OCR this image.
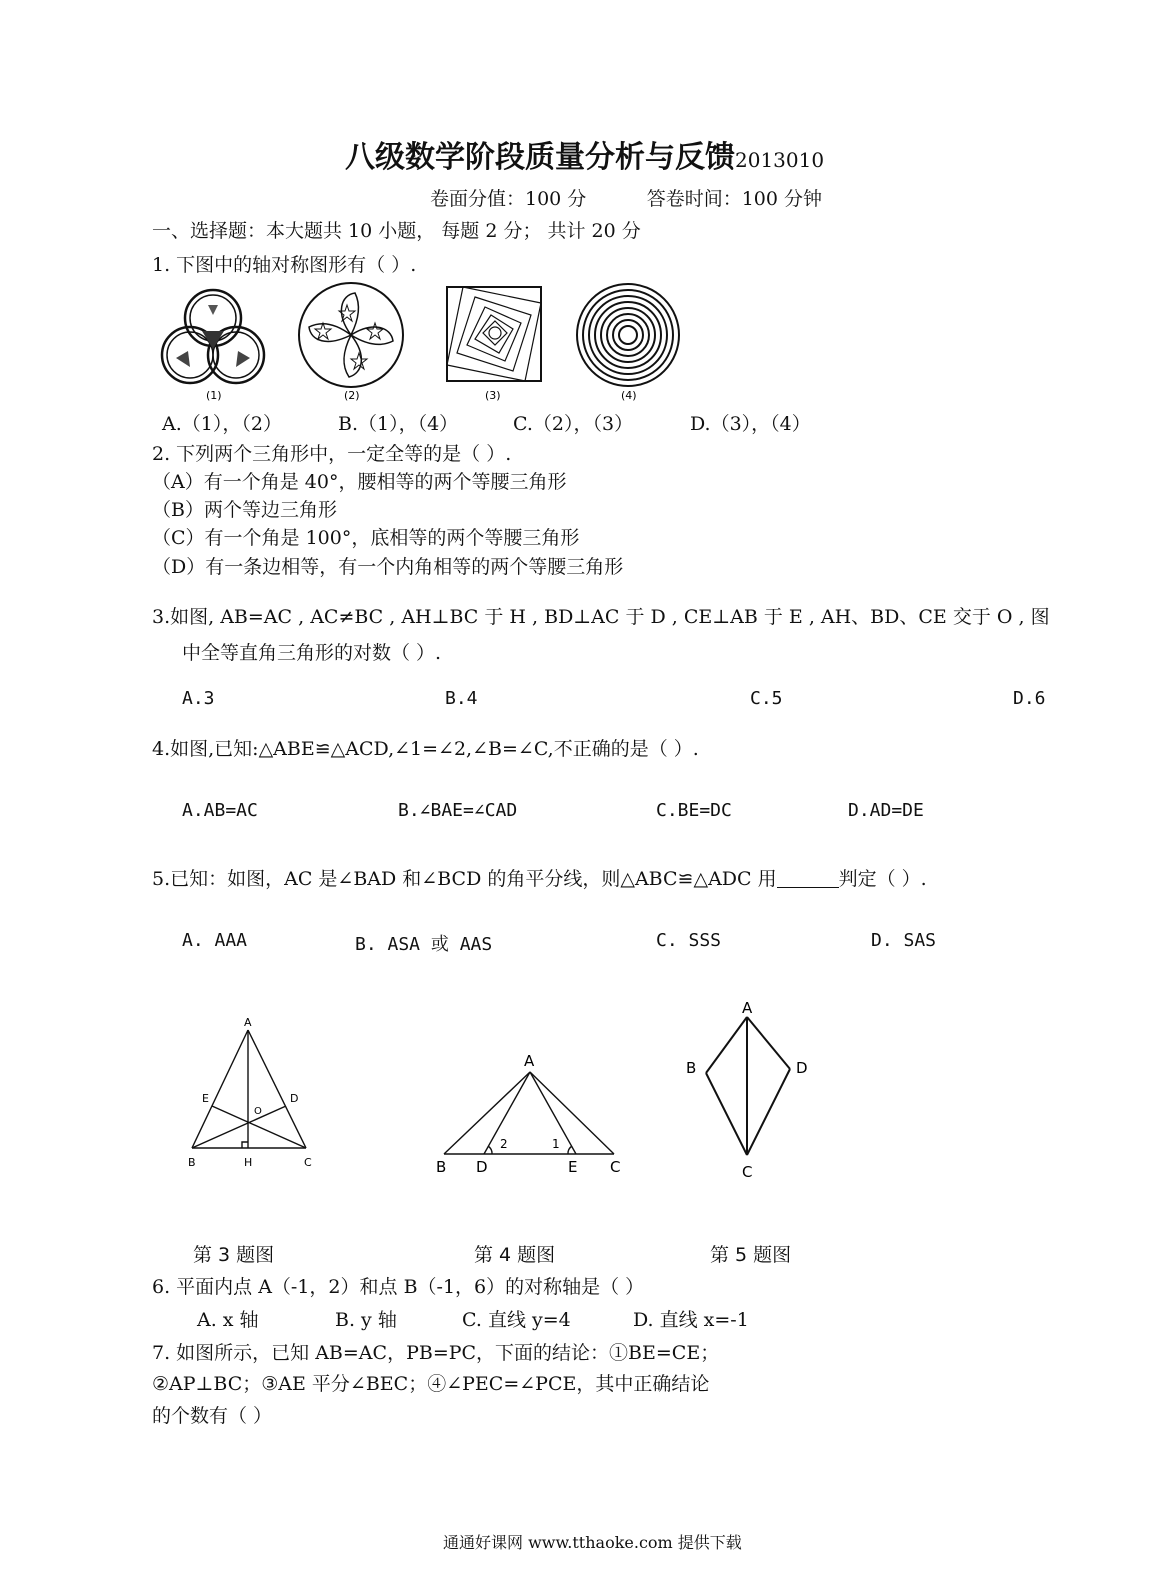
八级数学阶段质量分析与反馈2013010
卷面分值：100 分          答卷时间：100 分钟
一、选择题：本大题共 10 小题， 每题 2 分； 共计 20 分
1. 下图中的轴对称图形有（ ）.
(1)	(2)	(3)	(4)
A.（1），（2）	B.（1），（4）	C.（2），（3）	D.（3），（4）
2. 下列两个三角形中，一定全等的是（ ）.
（A）有一个角是 40°，腰相等的两个等腰三角形
（B）两个等边三角形
（C）有一个角是 100°，底相等的两个等腰三角形
（D）有一条边相等，有一个内角相等的两个等腰三角形
3.如图, AB=AC , AC≠BC , AH⊥BC 于 H , BD⊥AC 于 D , CE⊥AB 于 E , AH、BD、CE 交于 O , 图
中全等直角三角形的对数（ ）.
A.3	B.4	C.5	D.6
4.如图,已知:△ABE≌△ACD,∠1=∠2,∠B=∠C,不正确的是（ ）.
A.AB=AC	B.∠BAE=∠CAD	C.BE=DC	D.AD=DE
5.已知：如图，AC 是∠BAD 和∠BCD 的角平分线，则△ABC≌△ADC 用	判定（ ）.
A. AAA	B. ASA 或 AAS	C. SSS	D. SAS
A
B	H	C
E	D
O
A
B D	E C
2	1
A
B	D
C
第 3 题图	第 4 题图	第 5 题图
6. 平面内点 A（-1，2）和点 B（-1，6）的对称轴是（ ）
A. x 轴	B. y 轴	C. 直线 y=4	D. 直线 x=-1
7. 如图所示，已知 AB=AC，PB=PC，下面的结论：①BE=CE；
②AP⊥BC；③AE 平分∠BEC；④∠PEC=∠PCE，其中正确结论
的个数有（ ）
通通好课网 www.tthaoke.com 提供下载
